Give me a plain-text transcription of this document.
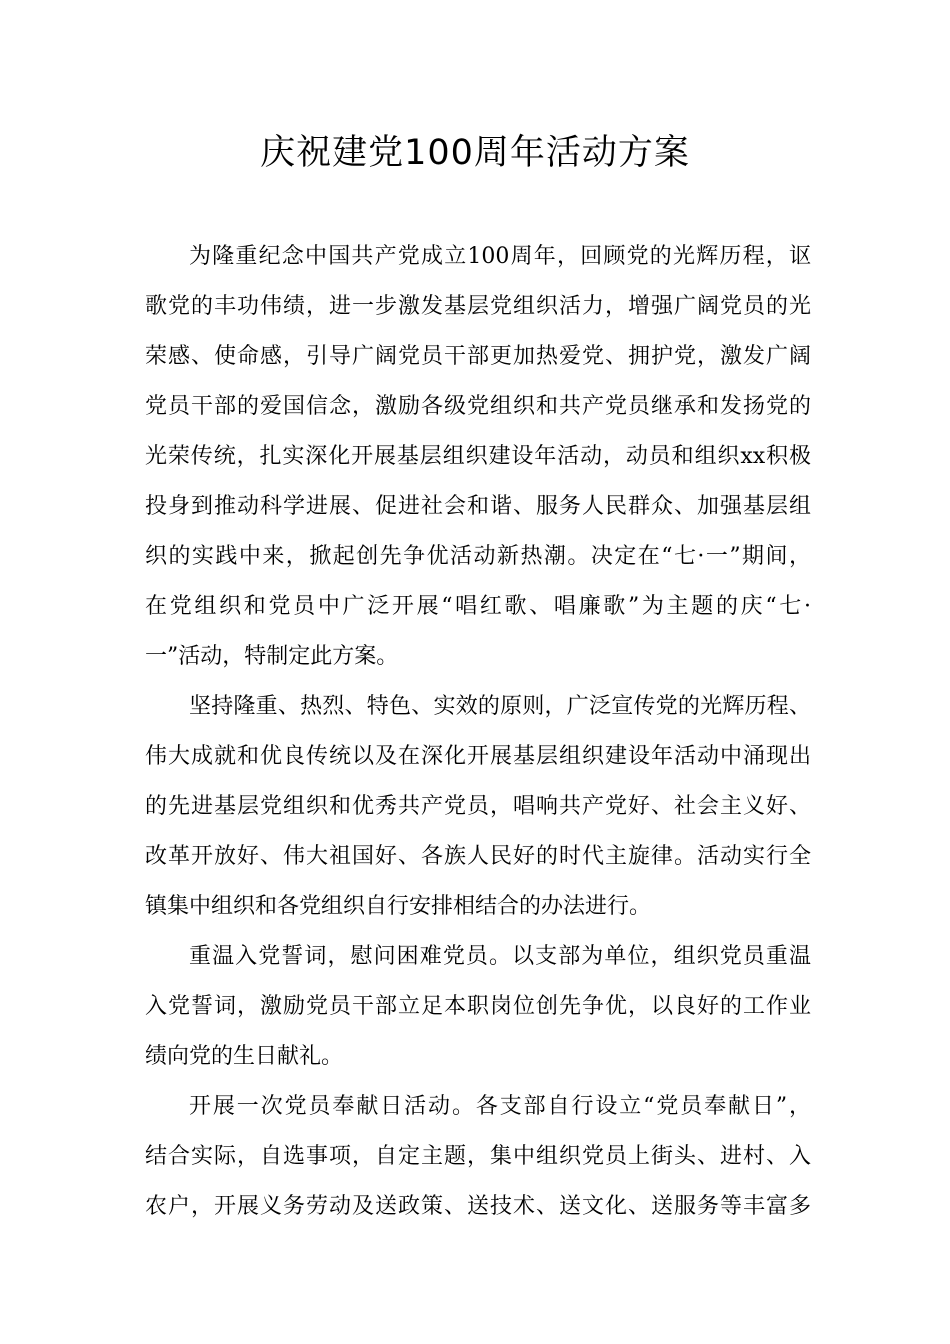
庆祝建党100周年活动方案
为隆重纪念中国共产党成立100周年，回顾党的光辉历程，讴
歌党的丰功伟绩，进一步激发基层党组织活力，增强广阔党员的光
荣感、使命感，引导广阔党员干部更加热爱党、拥护党，激发广阔
党员干部的爱国信念，激励各级党组织和共产党员继承和发扬党的
光荣传统，扎实深化开展基层组织建设年活动，动员和组织xx积极
投身到推动科学进展、促进社会和谐、服务人民群众、加强基层组
织的实践中来，掀起创先争优活动新热潮。决定在“七·一”期间，
在党组织和党员中广泛开展“唱红歌、唱廉歌”为主题的庆“七·
一”活动，特制定此方案。
坚持隆重、热烈、特色、实效的原则，广泛宣传党的光辉历程、
伟大成就和优良传统以及在深化开展基层组织建设年活动中涌现出
的先进基层党组织和优秀共产党员，唱响共产党好、社会主义好、
改革开放好、伟大祖国好、各族人民好的时代主旋律。活动实行全
镇集中组织和各党组织自行安排相结合的办法进行。
重温入党誓词，慰问困难党员。以支部为单位，组织党员重温
入党誓词，激励党员干部立足本职岗位创先争优，以良好的工作业
绩向党的生日献礼。
开展一次党员奉献日活动。各支部自行设立“党员奉献日”，
结合实际，自选事项，自定主题，集中组织党员上街头、进村、入
农户，开展义务劳动及送政策、送技术、送文化、送服务等丰富多
